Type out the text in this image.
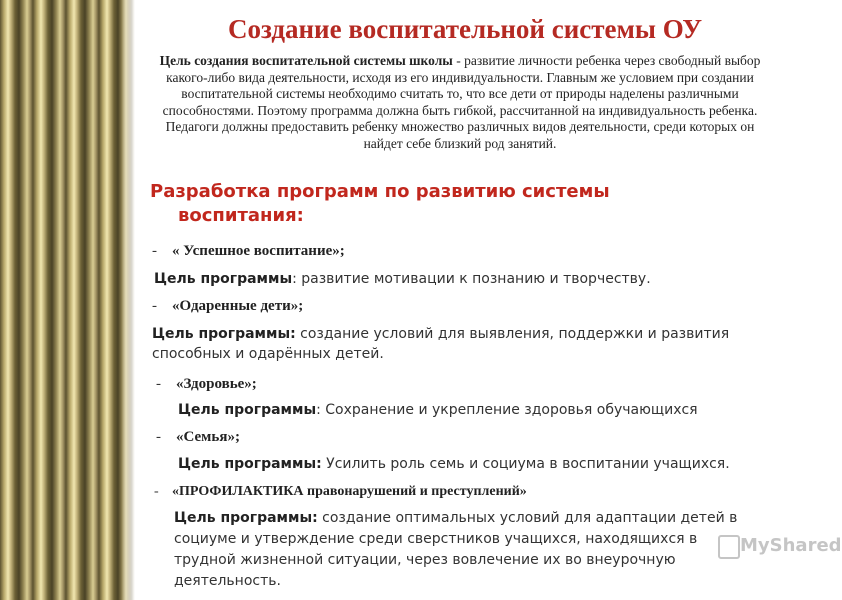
Создание воспитательной системы ОУ
Цель создания воспитательной системы школы - развитие личности ребенка через свободный выбор какого-либо вида деятельности, исходя из его индивидуальности. Главным же условием при создании воспитательной системы необходимо считать то, что все дети от природы наделены различными способностями. Поэтому программа должна быть гибкой, рассчитанной на индивидуальность ребенка. Педагоги должны предоставить ребенку множество различных видов деятельности, среди которых он найдет себе близкий род занятий.
Разработка программ по развитию системы
воспитания:
-« Успешное воспитание»;
Цель программы: развитие мотивации к познанию и творчеству.
- «Одаренные дети»;
Цель программы: создание условий для выявления, поддержки и развития способных и одарённых детей.
- «Здоровье»;
Цель программы: Сохранение и укрепление здоровья обучающихся
- «Семья»;
Цель программы: Усилить роль семь и социума в воспитании учащихся.
- «ПРОФИЛАКТИКА правонарушений и преступлений»
Цель программы: создание оптимальных условий для адаптации детей в социуме и утверждение среди сверстников учащихся, находящихся в трудной жизненной ситуации, через вовлечение их во внеурочную деятельность.
MyShared
